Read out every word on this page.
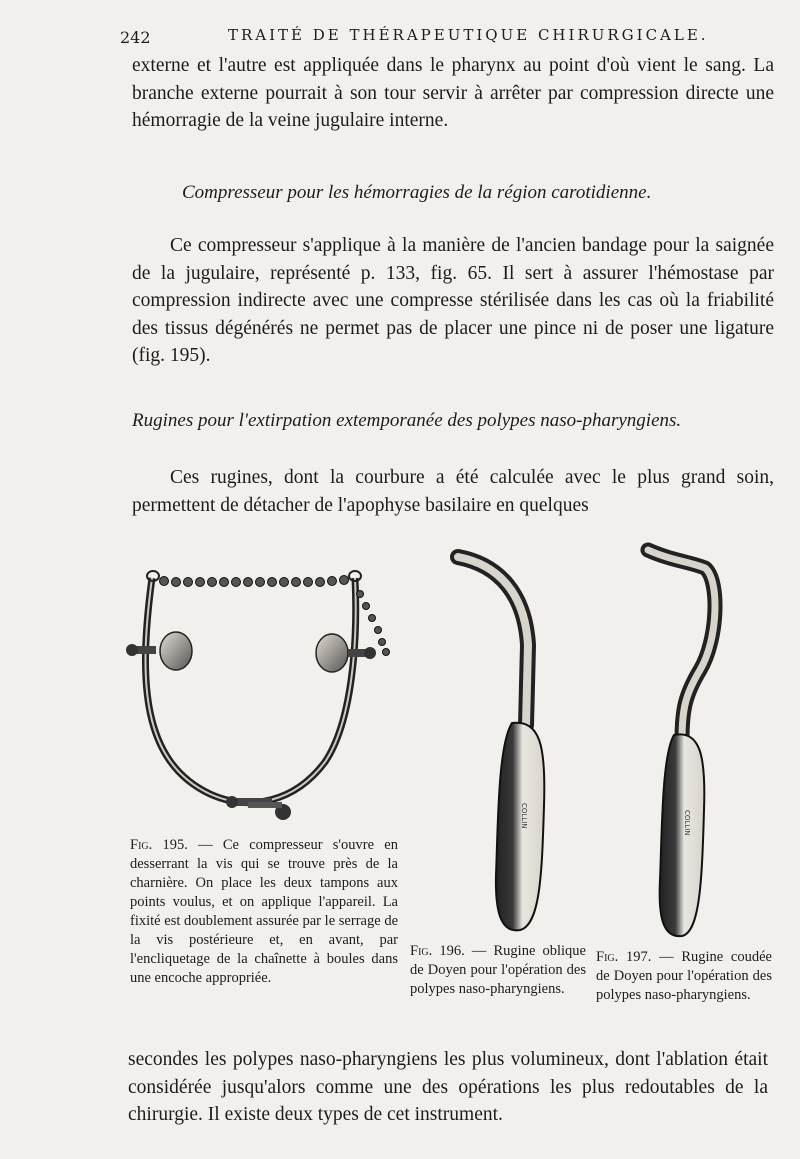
242	TRAITÉ DE THÉRAPEUTIQUE CHIRURGICALE.

externe et l'autre est appliquée dans le pharynx au point d'où vient le sang. La branche externe pourrait à son tour servir à arrêter par compression directe une hémorragie de la veine jugulaire interne.

Compresseur pour les hémorragies de la région carotidienne.

Ce compresseur s'applique à la manière de l'ancien bandage pour la saignée de la jugulaire, représenté p. 133, fig. 65. Il sert à assurer l'hémostase par compression indirecte avec une compresse stérilisée dans les cas où la friabilité des tissus dégénérés ne permet pas de placer une pince ni de poser une ligature (fig. 195).

Rugines pour l'extirpation extemporanée des polypes naso-pharyngiens.

Ces rugines, dont la courbure a été calculée avec le plus grand soin, permettent de détacher de l'apophyse basilaire en quelques

COLLIN	COLLIN

Fig. 195. — Ce compresseur s'ouvre en desserrant la vis qui se trouve près de la charnière. On place les deux tampons aux points voulus, et on applique l'appareil. La fixité est doublement assurée par le serrage de la vis postérieure et, en avant, par l'encliquetage de la chaînette à boules dans une encoche appropriée.

Fig. 196. — Rugine oblique de Doyen pour l'opération des polypes naso-pharyngiens.

Fig. 197. — Rugine coudée de Doyen pour l'opération des polypes naso-pharyngiens.

secondes les polypes naso-pharyngiens les plus volumineux, dont l'ablation était considérée jusqu'alors comme une des opérations les plus redoutables de la chirurgie. Il existe deux types de cet instrument.
